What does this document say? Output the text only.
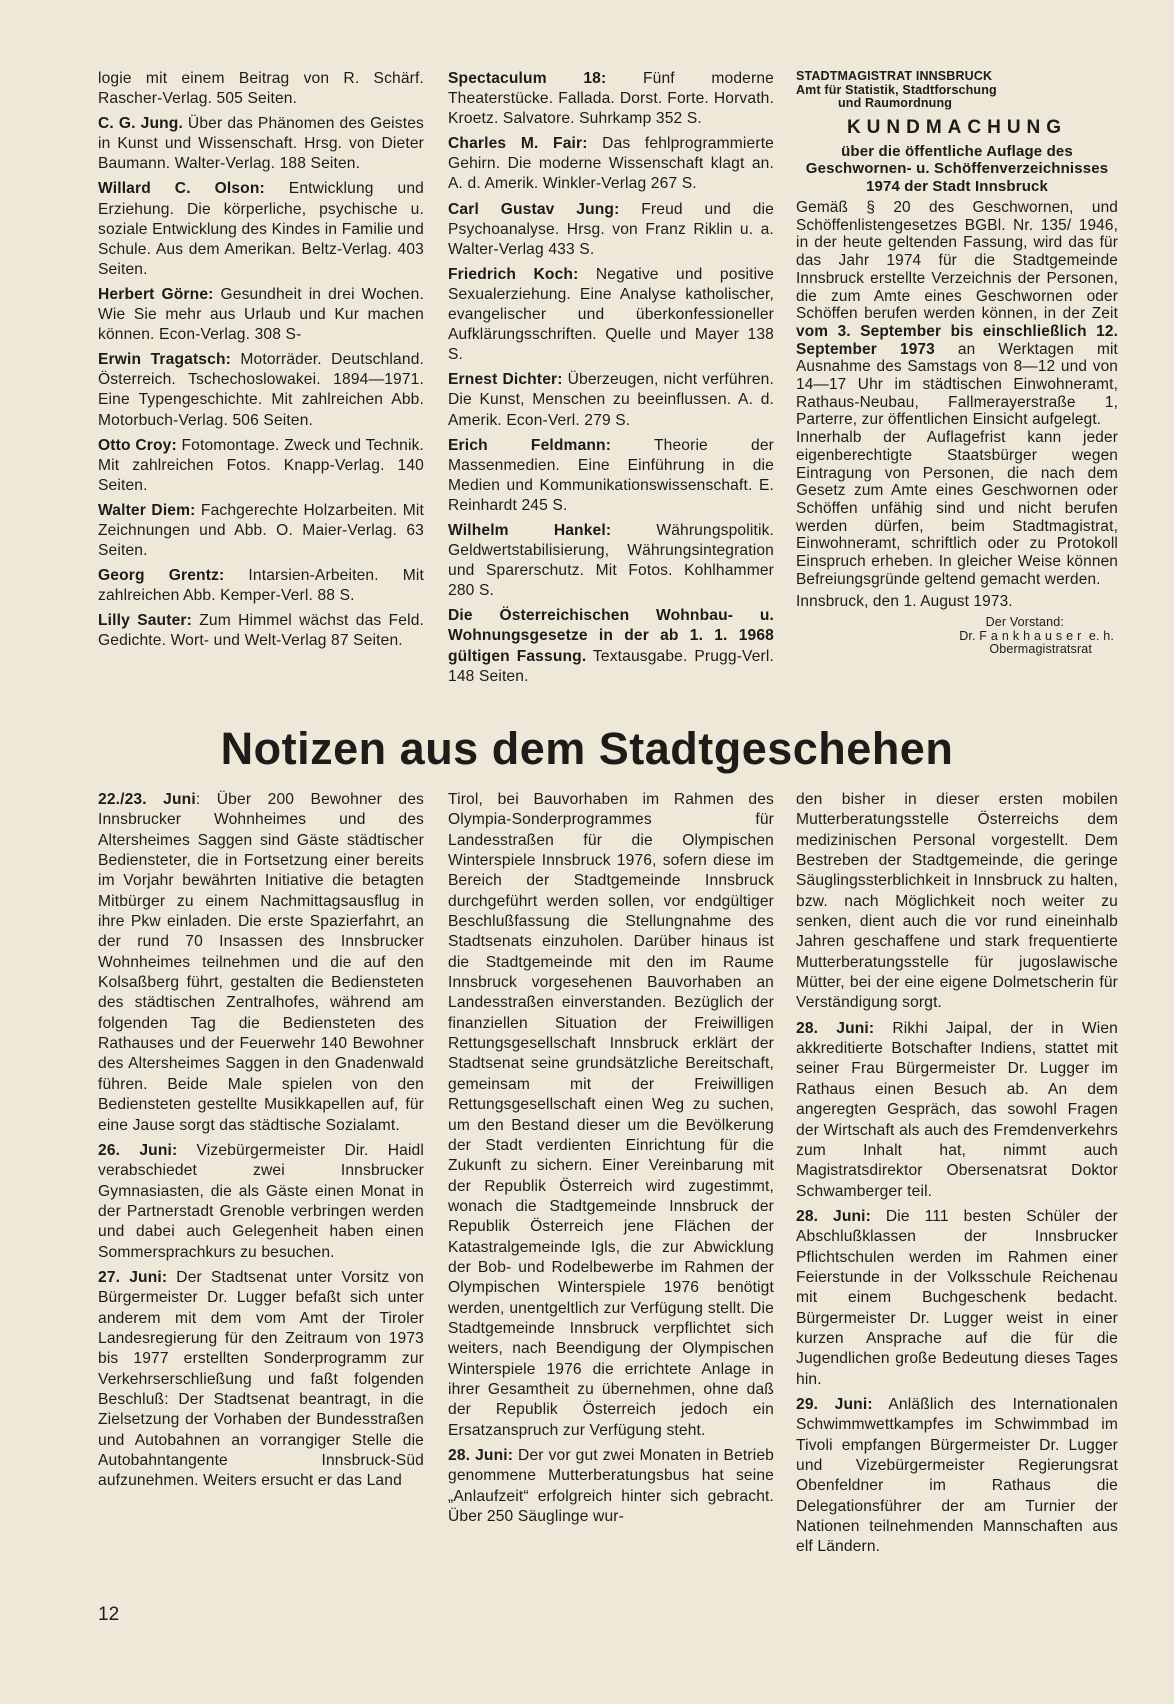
logie mit einem Beitrag von R. Schärf. Rascher-Verlag. 505 Seiten.

C. G. Jung. Über das Phänomen des Geistes in Kunst und Wissenschaft. Hrsg. von Dieter Baumann. Walter-Verlag. 188 Seiten.

Willard C. Olson: Entwicklung und Erziehung. Die körperliche, psychische u. soziale Entwicklung des Kindes in Familie und Schule. Aus dem Amerikan. Beltz-Verlag. 403 Seiten.

Herbert Görne: Gesundheit in drei Wochen. Wie Sie mehr aus Urlaub und Kur machen können. Econ-Verlag. 308 S-

Erwin Tragatsch: Motorräder. Deutschland. Österreich. Tschechoslowakei. 1894—1971. Eine Typengeschichte. Mit zahlreichen Abb. Motorbuch-Verlag. 506 Seiten.

Otto Croy: Fotomontage. Zweck und Technik. Mit zahlreichen Fotos. Knapp-Verlag. 140 Seiten.

Walter Diem: Fachgerechte Holzarbeiten. Mit Zeichnungen und Abb. O. Maier-Verlag. 63 Seiten.

Georg Grentz: Intarsien-Arbeiten. Mit zahlreichen Abb. Kemper-Verl. 88 S.

Lilly Sauter: Zum Himmel wächst das Feld. Gedichte. Wort- und Welt-Verlag 87 Seiten.

Spectaculum 18: Fünf moderne Theaterstücke. Fallada. Dorst. Forte. Horvath. Kroetz. Salvatore. Suhrkamp 352 S.

Charles M. Fair: Das fehlprogrammierte Gehirn. Die moderne Wissenschaft klagt an. A. d. Amerik. Winkler-Verlag 267 S.

Carl Gustav Jung: Freud und die Psychoanalyse. Hrsg. von Franz Riklin u. a. Walter-Verlag 433 S.

Friedrich Koch: Negative und positive Sexualerziehung. Eine Analyse katholischer, evangelischer und überkonfessioneller Aufklärungsschriften. Quelle und Mayer 138 S.

Ernest Dichter: Überzeugen, nicht verführen. Die Kunst, Menschen zu beeinflussen. A. d. Amerik. Econ-Verl. 279 S.

Erich Feldmann: Theorie der Massenmedien. Eine Einführung in die Medien und Kommunikationswissenschaft. E. Reinhardt 245 S.

Wilhelm Hankel: Währungspolitik. Geldwertstabilisierung, Währungsintegration und Sparerschutz. Mit Fotos. Kohlhammer 280 S.

Die Österreichischen Wohnbau- u. Wohnungsgesetze in der ab 1. 1. 1968 gültigen Fassung. Textausgabe. Prugg-Verl. 148 Seiten.

STADTMAGISTRAT INNSBRUCK
Amt für Statistik, Stadtforschung
und Raumordnung
KUNDMACHUNG
über die öffentliche Auflage des Geschwornen- u. Schöffenverzeichnisses 1974 der Stadt Innsbruck

Gemäß § 20 des Geschwornen, und Schöffenlistengesetzes BGBl. Nr. 135/ 1946, in der heute geltenden Fassung, wird das für das Jahr 1974 für die Stadtgemeinde Innsbruck erstellte Verzeichnis der Personen, die zum Amte eines Geschwornen oder Schöffen berufen werden können, in der Zeit vom 3. September bis einschließlich 12. September 1973 an Werktagen mit Ausnahme des Samstags von 8—12 und von 14—17 Uhr im städtischen Einwohneramt, Rathaus-Neubau, Fallmerayerstraße 1, Parterre, zur öffentlichen Einsicht aufgelegt.
Innerhalb der Auflagefrist kann jeder eigenberechtigte Staatsbürger wegen Eintragung von Personen, die nach dem Gesetz zum Amte eines Geschwornen oder Schöffen unfähig sind und nicht berufen werden dürfen, beim Stadtmagistrat, Einwohneramt, schriftlich oder zu Protokoll Einspruch erheben. In gleicher Weise können Befreiungsgründe geltend gemacht werden.

Innsbruck, den 1. August 1973.

Der Vorstand:
Dr. Fankhauser e. h.
Obermagistratsrat
Notizen aus dem Stadtgeschehen

22./23. Juni: Über 200 Bewohner des Innsbrucker Wohnheimes und des Altersheimes Saggen sind Gäste städtischer Bediensteter, die in Fortsetzung einer bereits im Vorjahr bewährten Initiative die betagten Mitbürger zu einem Nachmittagsausflug in ihre Pkw einladen. Die erste Spazierfahrt, an der rund 70 Insassen des Innsbrucker Wohnheimes teilnehmen und die auf den Kolsaßberg führt, gestalten die Bediensteten des städtischen Zentralhofes, während am folgenden Tag die Bediensteten des Rathauses und der Feuerwehr 140 Bewohner des Altersheimes Saggen in den Gnadenwald führen. Beide Male spielen von den Bediensteten gestellte Musikkapellen auf, für eine Jause sorgt das städtische Sozialamt.

26. Juni: Vizebürgermeister Dir. Haidl verabschiedet zwei Innsbrucker Gymnasiasten, die als Gäste einen Monat in der Partnerstadt Grenoble verbringen werden und dabei auch Gelegenheit haben einen Sommersprachkurs zu besuchen.

27. Juni: Der Stadtsenat unter Vorsitz von Bürgermeister Dr. Lugger befaßt sich unter anderem mit dem vom Amt der Tiroler Landesregierung für den Zeitraum von 1973 bis 1977 erstellten Sonderprogramm zur Verkehrserschließung und faßt folgenden Beschluß: Der Stadtsenat beantragt, in die Zielsetzung der Vorhaben der Bundesstraßen und Autobahnen an vorrangiger Stelle die Autobahntangente Innsbruck-Süd aufzunehmen. Weiters ersucht er das Land

Tirol, bei Bauvorhaben im Rahmen des Olympia-Sonderprogrammes für Landesstraßen für die Olympischen Winterspiele Innsbruck 1976, sofern diese im Bereich der Stadtgemeinde Innsbruck durchgeführt werden sollen, vor endgültiger Beschlußfassung die Stellungnahme des Stadtsenats einzuholen. Darüber hinaus ist die Stadtgemeinde mit den im Raume Innsbruck vorgesehenen Bauvorhaben an Landesstraßen einverstanden. Bezüglich der finanziellen Situation der Freiwilligen Rettungsgesellschaft Innsbruck erklärt der Stadtsenat seine grundsätzliche Bereitschaft, gemeinsam mit der Freiwilligen Rettungsgesellschaft einen Weg zu suchen, um den Bestand dieser um die Bevölkerung der Stadt verdienten Einrichtung für die Zukunft zu sichern. Einer Vereinbarung mit der Republik Österreich wird zugestimmt, wonach die Stadtgemeinde Innsbruck der Republik Österreich jene Flächen der Katastralgemeinde Igls, die zur Abwicklung der Bob- und Rodelbewerbe im Rahmen der Olympischen Winterspiele 1976 benötigt werden, unentgeltlich zur Verfügung stellt. Die Stadtgemeinde Innsbruck verpflichtet sich weiters, nach Beendigung der Olympischen Winterspiele 1976 die errichtete Anlage in ihrer Gesamtheit zu übernehmen, ohne daß der Republik Österreich jedoch ein Ersatzanspruch zur Verfügung steht.

28. Juni: Der vor gut zwei Monaten in Betrieb genommene Mutterberatungsbus hat seine „Anlaufzeit“ erfolgreich hinter sich gebracht. Über 250 Säuglinge wur-

den bisher in dieser ersten mobilen Mutterberatungsstelle Österreichs dem medizinischen Personal vorgestellt. Dem Bestreben der Stadtgemeinde, die geringe Säuglingssterblichkeit in Innsbruck zu halten, bzw. nach Möglichkeit noch weiter zu senken, dient auch die vor rund eineinhalb Jahren geschaffene und stark frequentierte Mutterberatungsstelle für jugoslawische Mütter, bei der eine eigene Dolmetscherin für Verständigung sorgt.

28. Juni: Rikhi Jaipal, der in Wien akkreditierte Botschafter Indiens, stattet mit seiner Frau Bürgermeister Dr. Lugger im Rathaus einen Besuch ab. An dem angeregten Gespräch, das sowohl Fragen der Wirtschaft als auch des Fremdenverkehrs zum Inhalt hat, nimmt auch Magistratsdirektor Obersenatsrat Doktor Schwamberger teil.

28. Juni: Die 111 besten Schüler der Abschlußklassen der Innsbrucker Pflichtschulen werden im Rahmen einer Feierstunde in der Volksschule Reichenau mit einem Buchgeschenk bedacht. Bürgermeister Dr. Lugger weist in einer kurzen Ansprache auf die für die Jugendlichen große Bedeutung dieses Tages hin.

29. Juni: Anläßlich des Internationalen Schwimmwettkampfes im Schwimmbad im Tivoli empfangen Bürgermeister Dr. Lugger und Vizebürgermeister Regierungsrat Obenfeldner im Rathaus die Delegationsführer der am Turnier der Nationen teilnehmenden Mannschaften aus elf Ländern.

12
